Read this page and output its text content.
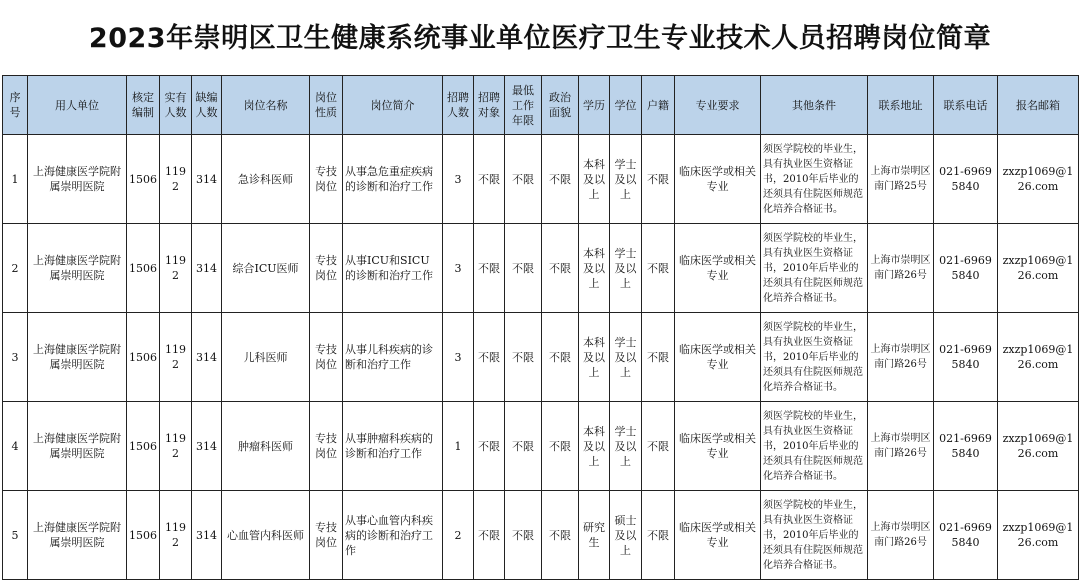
2023年崇明区卫生健康系统事业单位医疗卫生专业技术人员招聘岗位简章
序号	用人单位	核定编制	实有人数	缺编人数	岗位名称	岗位性质	岗位简介	招聘人数	招聘对象	最低工作年限	政治面貌	学历	学位	户籍	专业要求	其他条件	联系地址	联系电话	报名邮箱
1	上海健康医学院附属崇明医院	1506	1192	314	急诊科医师	专技岗位	从事急危重症疾病的诊断和治疗工作	3	不限	不限	不限	本科及以上	学士及以上	不限	临床医学或相关专业	须医学院校的毕业生，具有执业医生资格证书，2010年后毕业的还须具有住院医师规范化培养合格证书。	上海市崇明区南门路25号	021-69695840	zxzp1069@126.com
2	上海健康医学院附属崇明医院	1506	1192	314	综合ICU医师	专技岗位	从事ICU和SICU的诊断和治疗工作	3	不限	不限	不限	本科及以上	学士及以上	不限	临床医学或相关专业	须医学院校的毕业生，具有执业医生资格证书，2010年后毕业的还须具有住院医师规范化培养合格证书。	上海市崇明区南门路26号	021-69695840	zxzp1069@126.com
3	上海健康医学院附属崇明医院	1506	1192	314	儿科医师	专技岗位	从事儿科疾病的诊断和治疗工作	3	不限	不限	不限	本科及以上	学士及以上	不限	临床医学或相关专业	须医学院校的毕业生，具有执业医生资格证书，2010年后毕业的还须具有住院医师规范化培养合格证书。	上海市崇明区南门路26号	021-69695840	zxzp1069@126.com
4	上海健康医学院附属崇明医院	1506	1192	314	肿瘤科医师	专技岗位	从事肿瘤科疾病的诊断和治疗工作	1	不限	不限	不限	本科及以上	学士及以上	不限	临床医学或相关专业	须医学院校的毕业生，具有执业医生资格证书，2010年后毕业的还须具有住院医师规范化培养合格证书。	上海市崇明区南门路26号	021-69695840	zxzp1069@126.com
5	上海健康医学院附属崇明医院	1506	1192	314	心血管内科医师	专技岗位	从事心血管内科疾病的诊断和治疗工作	2	不限	不限	不限	研究生	硕士及以上	不限	临床医学或相关专业	须医学院校的毕业生，具有执业医生资格证书，2010年后毕业的还须具有住院医师规范化培养合格证书。	上海市崇明区南门路26号	021-69695840	zxzp1069@126.com
